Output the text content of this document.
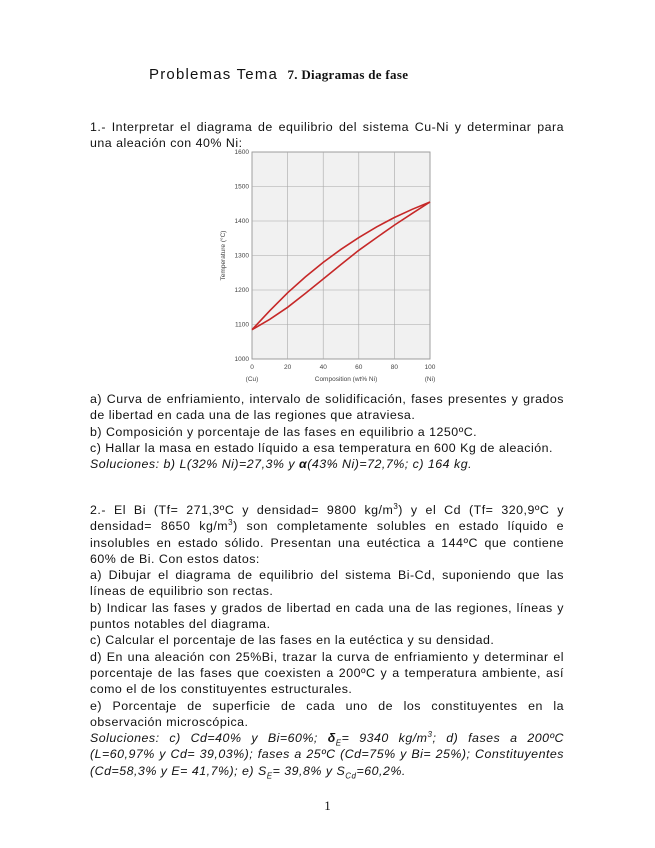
Problemas Tema 7. Diagramas de fase

1.- Interpretar el diagrama de equilibrio del sistema Cu-Ni y determinar para una aleación con 40% Ni:

0	20	40	60	80	100
1000
1100
1200
1300
1400
1500
1600
(Cu)	(Ni)
Composition (wt% Ni)
Temperature (°C)

a) Curva de enfriamiento, intervalo de solidificación, fases presentes y grados de libertad en cada una de las regiones que atraviesa.

b) Composición y porcentaje de las fases en equilibrio a 1250ºC.

c) Hallar la masa en estado líquido a esa temperatura en 600 Kg de aleación.

Soluciones: b) L(32% Ni)=27,3% y α(43% Ni)=72,7%; c) 164 kg.

2.- El Bi (Tf= 271,3ºC y densidad= 9800 $kg/m^3$) y el Cd (Tf= 320,9ºC y densidad= 8650 $kg/m^3$) son completamente solubles en estado líquido e insolubles en estado sólido. Presentan una eutéctica a 144ºC que contiene 60% de Bi. Con estos datos:

a) Dibujar el diagrama de equilibrio del sistema Bi-Cd, suponiendo que las líneas de equilibrio son rectas.

b) Indicar las fases y grados de libertad en cada una de las regiones, líneas y puntos notables del diagrama.

c) Calcular el porcentaje de las fases en la eutéctica y su densidad.

d) En una aleación con 25%Bi, trazar la curva de enfriamiento y determinar el porcentaje de las fases que coexisten a 200ºC y a temperatura ambiente, así como el de los constituyentes estructurales.

e) Porcentaje de superficie de cada uno de los constituyentes en la observación microscópica.

Soluciones: c) Cd=40% y Bi=60%; $\delta_E= 9340$ $kg/m^3$; d) fases a 200ºC (L=60,97% y Cd= 39,03%); fases a 25ºC (Cd=75% y Bi= 25%); Constituyentes (Cd=58,3% y E= 41,7%); e) $S_E= 39,8\%$ y $S_{Cd}=60,2\%$.

1
